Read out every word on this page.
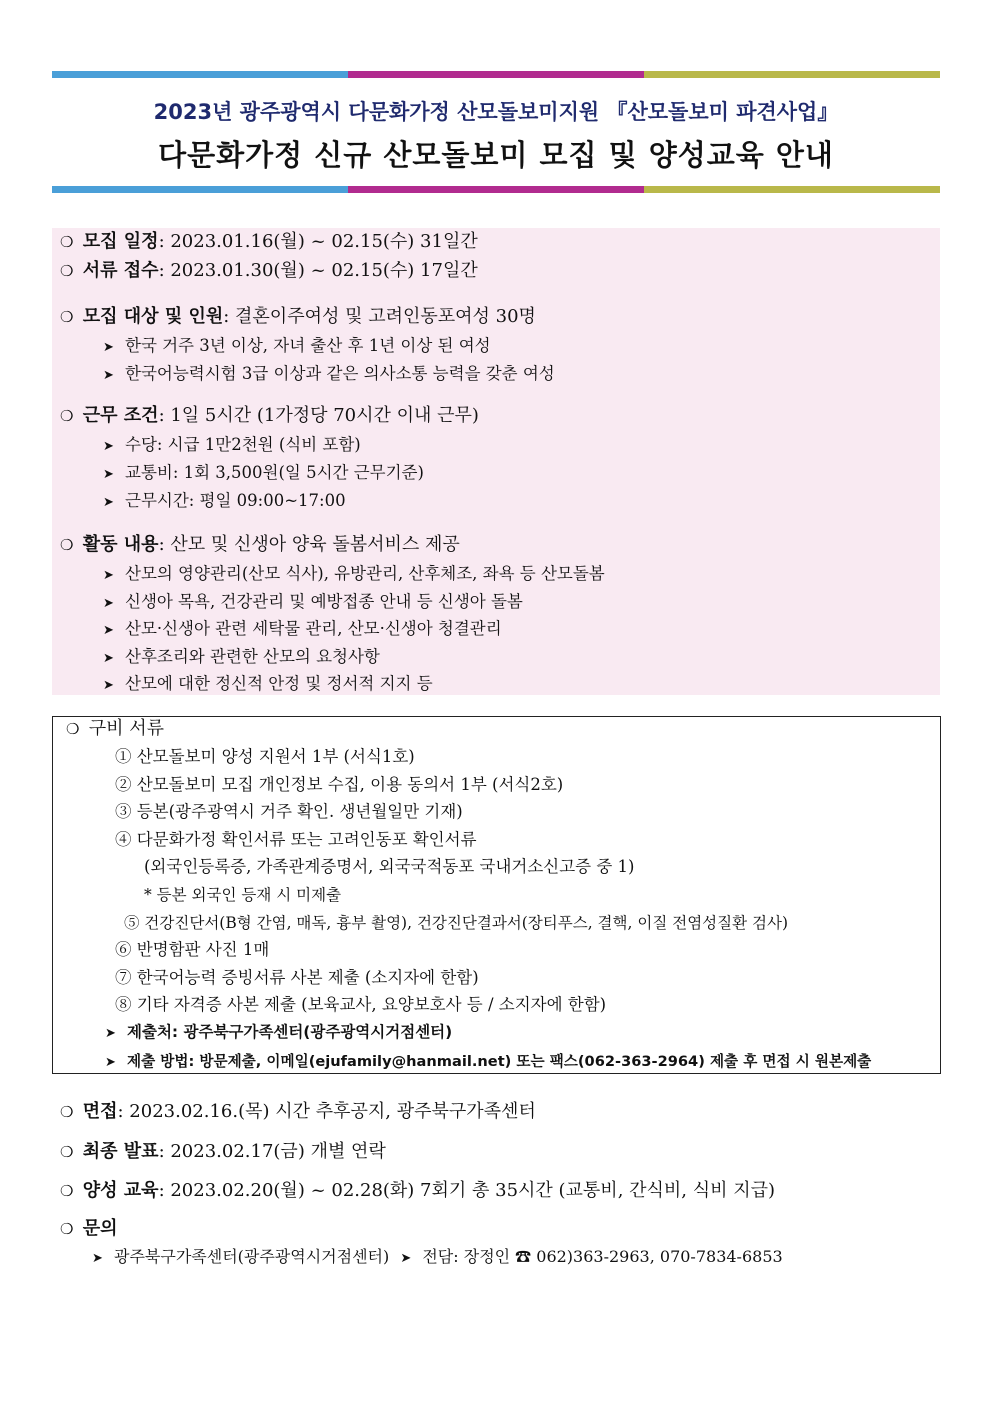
2023년 광주광역시 다문화가정 산모돌보미지원 『산모돌보미 파견사업』
다문화가정 신규 산모돌보미 모집 및 양성교육 안내
❍ 모집 일정: 2023.01.16(월) ~ 02.15(수) 31일간
❍ 서류 접수: 2023.01.30(월) ~ 02.15(수) 17일간
❍ 모집 대상 및 인원: 결혼이주여성 및 고려인동포여성 30명
➤ 한국 거주 3년 이상, 자녀 출산 후 1년 이상 된 여성
➤ 한국어능력시험 3급 이상과 같은 의사소통 능력을 갖춘 여성
❍ 근무 조건: 1일 5시간 (1가정당 70시간 이내 근무)
➤ 수당: 시급 1만2천원 (식비 포함)
➤ 교통비: 1회 3,500원(일 5시간 근무기준)
➤ 근무시간: 평일 09:00~17:00
❍ 활동 내용: 산모 및 신생아 양육 돌봄서비스 제공
➤ 산모의 영양관리(산모 식사), 유방관리, 산후체조, 좌욕 등 산모돌봄
➤ 신생아 목욕, 건강관리 및 예방접종 안내 등 신생아 돌봄
➤ 산모·신생아 관련 세탁물 관리, 산모·신생아 청결관리
➤ 산후조리와 관련한 산모의 요청사항
➤ 산모에 대한 정신적 안정 및 정서적 지지 등
❍ 구비 서류
① 산모돌보미 양성 지원서 1부 (서식1호)
② 산모돌보미 모집 개인정보 수집, 이용 동의서 1부 (서식2호)
③ 등본(광주광역시 거주 확인. 생년월일만 기재)
④ 다문화가정 확인서류 또는 고려인동포 확인서류
(외국인등록증, 가족관계증명서, 외국국적동포 국내거소신고증 중 1)
* 등본 외국인 등재 시 미제출
⑤ 건강진단서(B형 간염, 매독, 흉부 촬영), 건강진단결과서(장티푸스, 결핵, 이질 전염성질환 검사)
⑥ 반명함판 사진 1매
⑦ 한국어능력 증빙서류 사본 제출 (소지자에 한함)
⑧ 기타 자격증 사본 제출 (보육교사, 요양보호사 등 / 소지자에 한함)
➤ 제출처: 광주북구가족센터(광주광역시거점센터)
➤ 제출 방법: 방문제출, 이메일(ejufamily@hanmail.net) 또는 팩스(062-363-2964) 제출 후 면접 시 원본제출
❍ 면접: 2023.02.16.(목) 시간 추후공지, 광주북구가족센터
❍ 최종 발표: 2023.02.17(금) 개별 연락
❍ 양성 교육: 2023.02.20(월) ~ 02.28(화) 7회기 총 35시간 (교통비, 간식비, 식비 지급)
❍ 문의
➤ 광주북구가족센터(광주광역시거점센터) ➤ 전담: 장정인 ☎ 062)363-2963, 070-7834-6853
